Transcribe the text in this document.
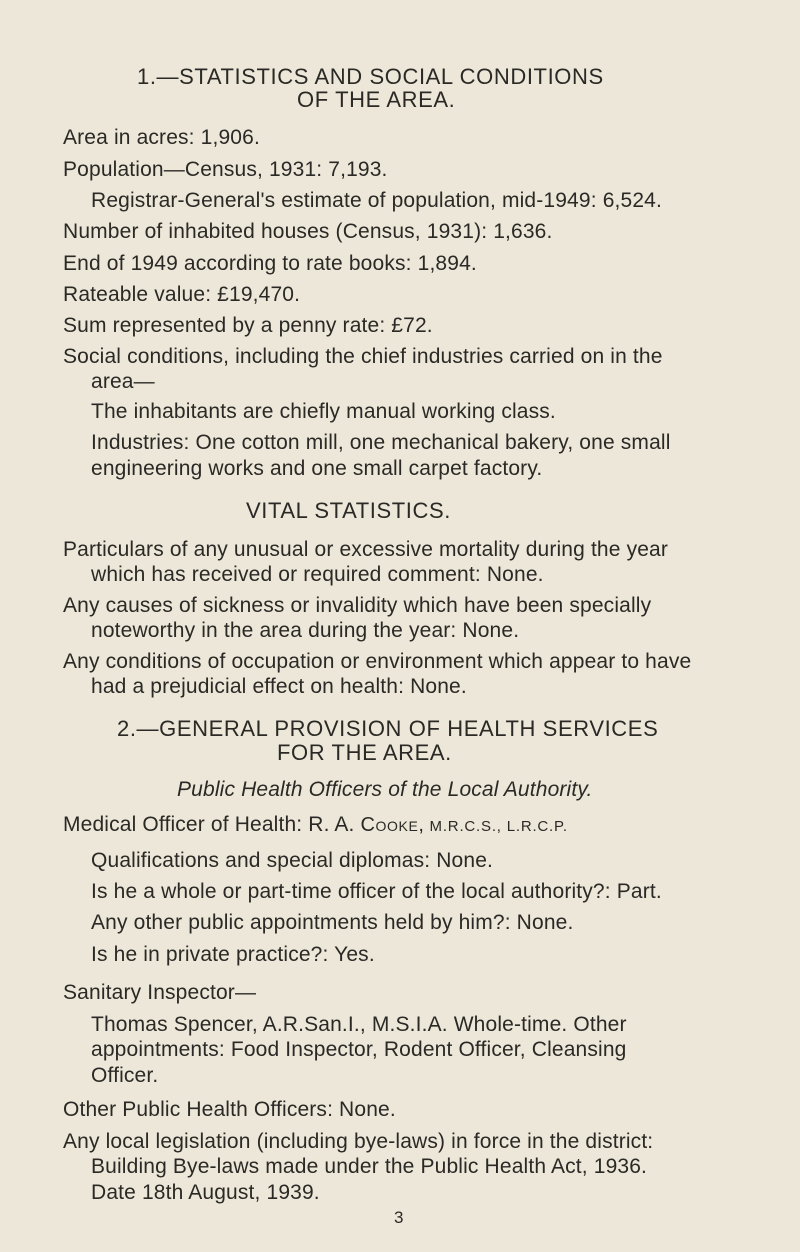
1.—STATISTICS AND SOCIAL CONDITIONS
OF THE AREA.
Area in acres: 1,906.
Population—Census, 1931: 7,193.
Registrar-General's estimate of population, mid-1949: 6,524.
Number of inhabited houses (Census, 1931): 1,636.
End of 1949 according to rate books: 1,894.
Rateable value: £19,470.
Sum represented by a penny rate: £72.
Social conditions, including the chief industries carried on in the
area—
The inhabitants are chiefly manual working class.
Industries: One cotton mill, one mechanical bakery, one small
engineering works and one small carpet factory.
VITAL STATISTICS.
Particulars of any unusual or excessive mortality during the year
which has received or required comment: None.
Any causes of sickness or invalidity which have been specially
noteworthy in the area during the year: None.
Any conditions of occupation or environment which appear to have
had a prejudicial effect on health: None.
2.—GENERAL PROVISION OF HEALTH SERVICES
FOR THE AREA.
Public Health Officers of the Local Authority.
Medical Officer of Health: R. A. Cooke, M.R.C.S., L.R.C.P.
Qualifications and special diplomas: None.
Is he a whole or part-time officer of the local authority?: Part.
Any other public appointments held by him?: None.
Is he in private practice?: Yes.
Sanitary Inspector—
Thomas Spencer, A.R.San.I., M.S.I.A. Whole-time. Other
appointments: Food Inspector, Rodent Officer, Cleansing
Officer.
Other Public Health Officers: None.
Any local legislation (including bye-laws) in force in the district:
Building Bye-laws made under the Public Health Act, 1936.
Date 18th August, 1939.
3
